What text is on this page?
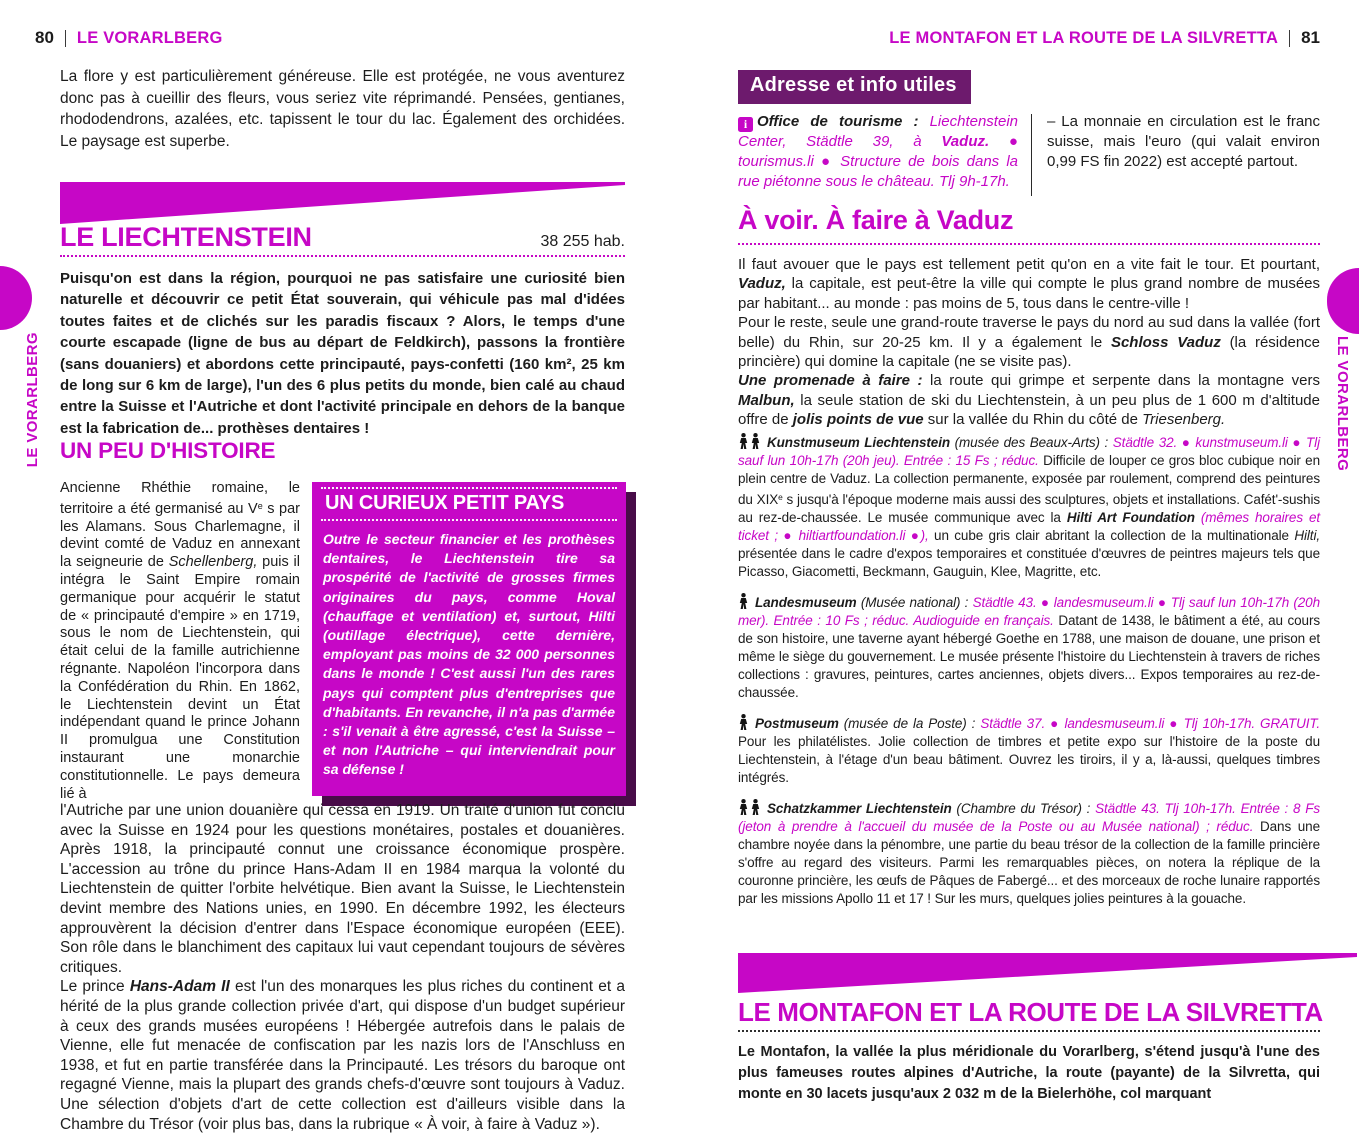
80 LE VORARLBERG

La flore y est particulièrement généreuse. Elle est protégée, ne vous aventurez donc pas à cueillir des fleurs, vous seriez vite réprimandé. Pensées, gentianes, rhododendrons, azalées, etc. tapissent le tour du lac. Également des orchidées. Le paysage est superbe.

LE LIECHTENSTEIN	38 255 hab.

Puisqu'on est dans la région, pourquoi ne pas satisfaire une curiosité bien naturelle et découvrir ce petit État souverain, qui véhicule pas mal d'idées toutes faites et de clichés sur les paradis fiscaux ? Alors, le temps d'une courte escapade (ligne de bus au départ de Feldkirch), passons la frontière (sans douaniers) et abordons cette principauté, pays-confetti (160 km², 25 km de long sur 6 km de large), l'un des 6 plus petits du monde, bien calé au chaud entre la Suisse et l'Autriche et dont l'activité principale en dehors de la banque est la fabrication de... prothèses dentaires !

UN PEU D'HISTOIRE

Ancienne Rhéthie romaine, le territoire a été germanisé au Ve s par les Alamans. Sous Charlemagne, il devint comté de Vaduz en annexant la seigneurie de Schellenberg, puis il intégra le Saint Empire romain germanique pour acquérir le statut de « principauté d'empire » en 1719, sous le nom de Liechtenstein, qui était celui de la famille autrichienne régnante. Napoléon l'incorpora dans la Confédération du Rhin. En 1862, le Liechtenstein devint un État indépendant quand le prince Johann II promulgua une Constitution instaurant une monarchie constitutionnelle. Le pays demeura lié à

UN CURIEUX PETIT PAYS

Outre le secteur financier et les prothèses dentaires, le Liechtenstein tire sa prospérité de l'activité de grosses firmes originaires du pays, comme Hoval (chauffage et ventilation) et, surtout, Hilti (outillage électrique), cette dernière, employant pas moins de 32 000 personnes dans le monde ! C'est aussi l'un des rares pays qui comptent plus d'entreprises que d'habitants. En revanche, il n'a pas d'armée : s'il venait à être agressé, c'est la Suisse – et non l'Autriche – qui interviendrait pour sa défense !

l'Autriche par une union douanière qui cessa en 1919. Un traité d'union fut conclu avec la Suisse en 1924 pour les questions monétaires, postales et douanières. Après 1918, la principauté connut une croissance économique prospère. L'accession au trône du prince Hans-Adam II en 1984 marqua la volonté du Liechtenstein de quitter l'orbite helvétique. Bien avant la Suisse, le Liechtenstein devint membre des Nations unies, en 1990. En décembre 1992, les électeurs approuvèrent la décision d'entrer dans l'Espace économique européen (EEE). Son rôle dans le blanchiment des capitaux lui vaut cependant toujours de sévères critiques.

Le prince Hans-Adam II est l'un des monarques les plus riches du continent et a hérité de la plus grande collection privée d'art, qui dispose d'un budget supérieur à ceux des grands musées européens ! Hébergée autrefois dans le palais de Vienne, elle fut menacée de confiscation par les nazis lors de l'Anschluss en 1938, et fut en partie transférée dans la Principauté. Les trésors du baroque ont regagné Vienne, mais la plupart des grands chefs-d'œuvre sont toujours à Vaduz. Une sélection d'objets d'art de cette collection est d'ailleurs visible dans la Chambre du Trésor (voir plus bas, dans la rubrique « À voir, à faire à Vaduz »).

LE VORARLBERG
LE MONTAFON ET LA ROUTE DE LA SILVRETTA 81
Adresse et info utiles

i Office de tourisme : Liechtenstein Center, Städtle 39, à Vaduz. ● tourismus.li ● Structure de bois dans la rue piétonne sous le château. Tlj 9h-17h.

– La monnaie en circulation est le franc suisse, mais l'euro (qui valait environ 0,99 FS fin 2022) est accepté partout.

À voir. À faire à Vaduz

Il faut avouer que le pays est tellement petit qu'on en a vite fait le tour. Et pourtant, Vaduz, la capitale, est peut-être la ville qui compte le plus grand nombre de musées par habitant... au monde : pas moins de 5, tous dans le centre-ville !

Pour le reste, seule une grand-route traverse le pays du nord au sud dans la vallée (fort belle) du Rhin, sur 20-25 km. Il y a également le Schloss Vaduz (la résidence princière) qui domine la capitale (ne se visite pas).

Une promenade à faire : la route qui grimpe et serpente dans la montagne vers Malbun, la seule station de ski du Liechtenstein, à un peu plus de 1 600 m d'altitude offre de jolis points de vue sur la vallée du Rhin du côté de Triesenberg.

Kunstmuseum Liechtenstein (musée des Beaux-Arts) : Städtle 32. ● kunstmuseum.li ● Tlj sauf lun 10h-17h (20h jeu). Entrée : 15 Fs ; réduc. Difficile de louper ce gros bloc cubique noir en plein centre de Vaduz. La collection permanente, exposée par roulement, comprend des peintures du XIXe s jusqu'à l'époque moderne mais aussi des sculptures, objets et installations. Cafét'-sushis au rez-de-chaussée. Le musée communique avec la Hilti Art Foundation (mêmes horaires et ticket ; ● hiltiartfoundation.li ●), un cube gris clair abritant la collection de la multinationale Hilti, présentée dans le cadre d'expos temporaires et constituée d'œuvres de peintres majeurs tels que Picasso, Giacometti, Beckmann, Gauguin, Klee, Magritte, etc.

Landesmuseum (Musée national) : Städtle 43. ● landesmuseum.li ● Tlj sauf lun 10h-17h (20h mer). Entrée : 10 Fs ; réduc. Audioguide en français. Datant de 1438, le bâtiment a été, au cours de son histoire, une taverne ayant hébergé Goethe en 1788, une maison de douane, une prison et même le siège du gouvernement. Le musée présente l'histoire du Liechtenstein à travers de riches collections : gravures, peintures, cartes anciennes, objets divers... Expos temporaires au rez-de-chaussée.

Postmuseum (musée de la Poste) : Städtle 37. ● landesmuseum.li ● Tlj 10h-17h. GRATUIT. Pour les philatélistes. Jolie collection de timbres et petite expo sur l'histoire de la poste du Liechtenstein, à l'étage d'un beau bâtiment. Ouvrez les tiroirs, il y a, là-aussi, quelques timbres intégrés.

Schatzkammer Liechtenstein (Chambre du Trésor) : Städtle 43. Tlj 10h-17h. Entrée : 8 Fs (jeton à prendre à l'accueil du musée de la Poste ou au Musée national) ; réduc. Dans une chambre noyée dans la pénombre, une partie du beau trésor de la collection de la famille princière s'offre au regard des visiteurs. Parmi les remarquables pièces, on notera la réplique de la couronne princière, les œufs de Pâques de Fabergé... et des morceaux de roche lunaire rapportés par les missions Apollo 11 et 17 ! Sur les murs, quelques jolies peintures à la gouache.

LE MONTAFON ET LA ROUTE DE LA SILVRETTA

Le Montafon, la vallée la plus méridionale du Vorarlberg, s'étend jusqu'à l'une des plus fameuses routes alpines d'Autriche, la route (payante) de la Silvretta, qui monte en 30 lacets jusqu'aux 2 032 m de la Bielerhöhe, col marquant

LE VORARLBERG
